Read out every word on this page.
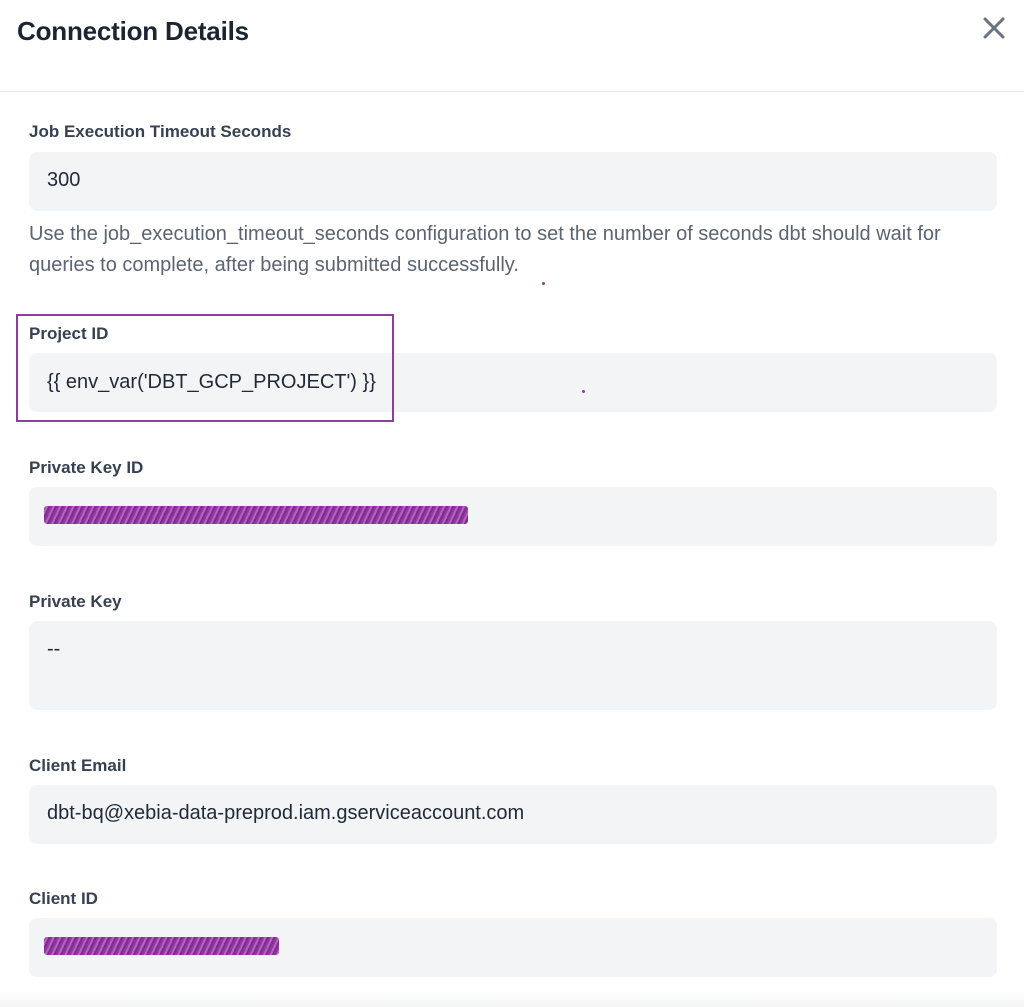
Connection Details
Job Execution Timeout Seconds
300
Use the job_execution_timeout_seconds configuration to set the number of seconds dbt should wait for queries to complete, after being submitted successfully.
Project ID
{{ env_var('DBT_GCP_PROJECT') }}
Private Key ID
Private Key
--
Client Email
dbt-bq@xebia-data-preprod.iam.gserviceaccount.com
Client ID
